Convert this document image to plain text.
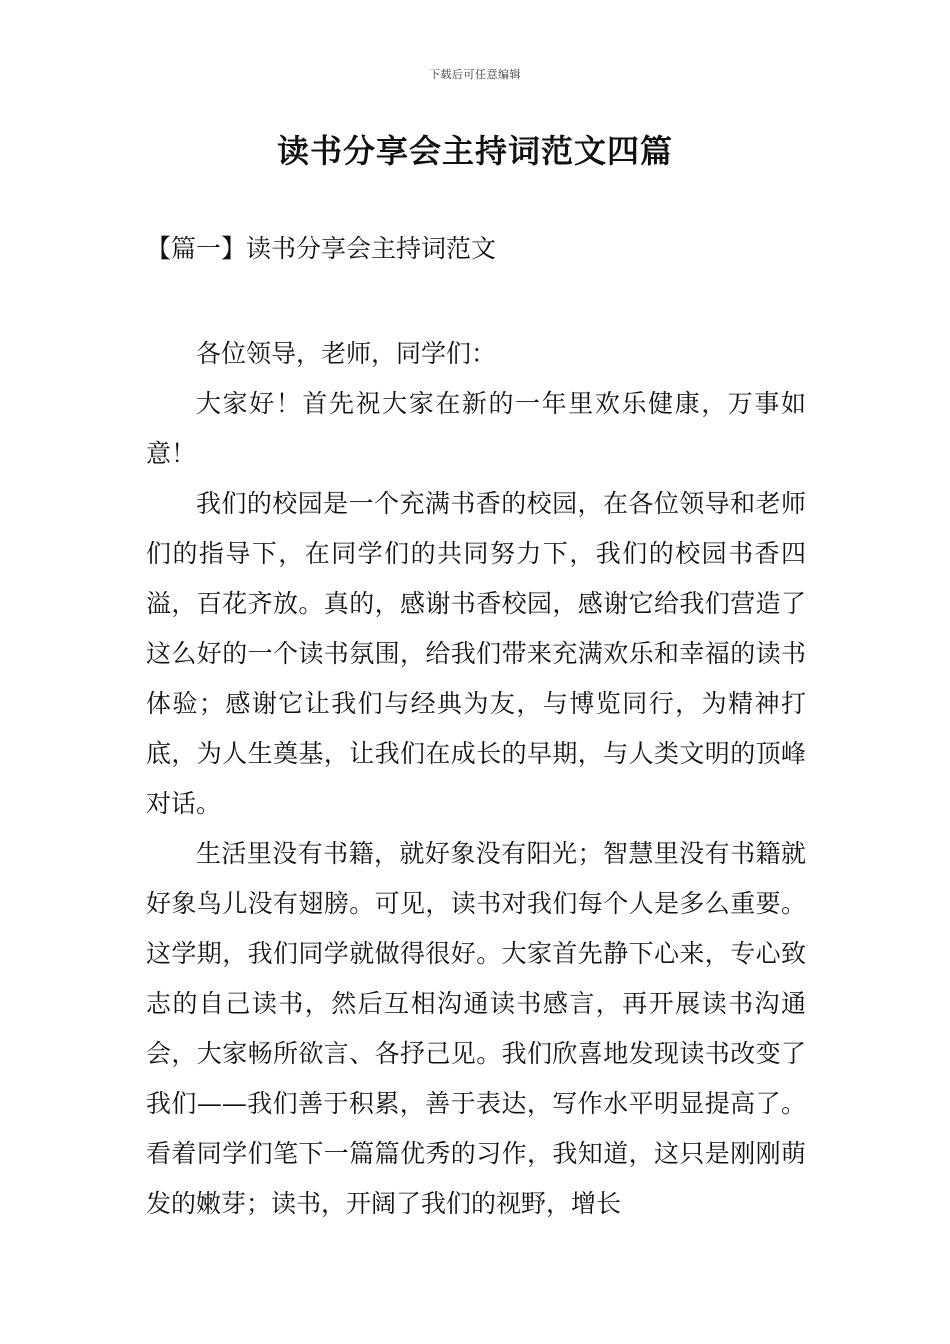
下载后可任意编辑
读书分享会主持词范文四篇
【篇一】读书分享会主持词范文

各位领导，老师，同学们：

大家好！首先祝大家在新的一年里欢乐健康，万事如意！

我们的校园是一个充满书香的校园，在各位领导和老师们的指导下，在同学们的共同努力下，我们的校园书香四溢，百花齐放。真的，感谢书香校园，感谢它给我们营造了这么好的一个读书氛围，给我们带来充满欢乐和幸福的读书体验；感谢它让我们与经典为友，与博览同行，为精神打底，为人生奠基，让我们在成长的早期，与人类文明的顶峰对话。

生活里没有书籍，就好象没有阳光；智慧里没有书籍就好象鸟儿没有翅膀。可见，读书对我们每个人是多么重要。这学期，我们同学就做得很好。大家首先静下心来，专心致志的自己读书，然后互相沟通读书感言，再开展读书沟通会，大家畅所欲言、各抒己见。我们欣喜地发现读书改变了我们——我们善于积累，善于表达，写作水平明显提高了。看着同学们笔下一篇篇优秀的习作，我知道，这只是刚刚萌发的嫩芽；读书，开阔了我们的视野，增长
